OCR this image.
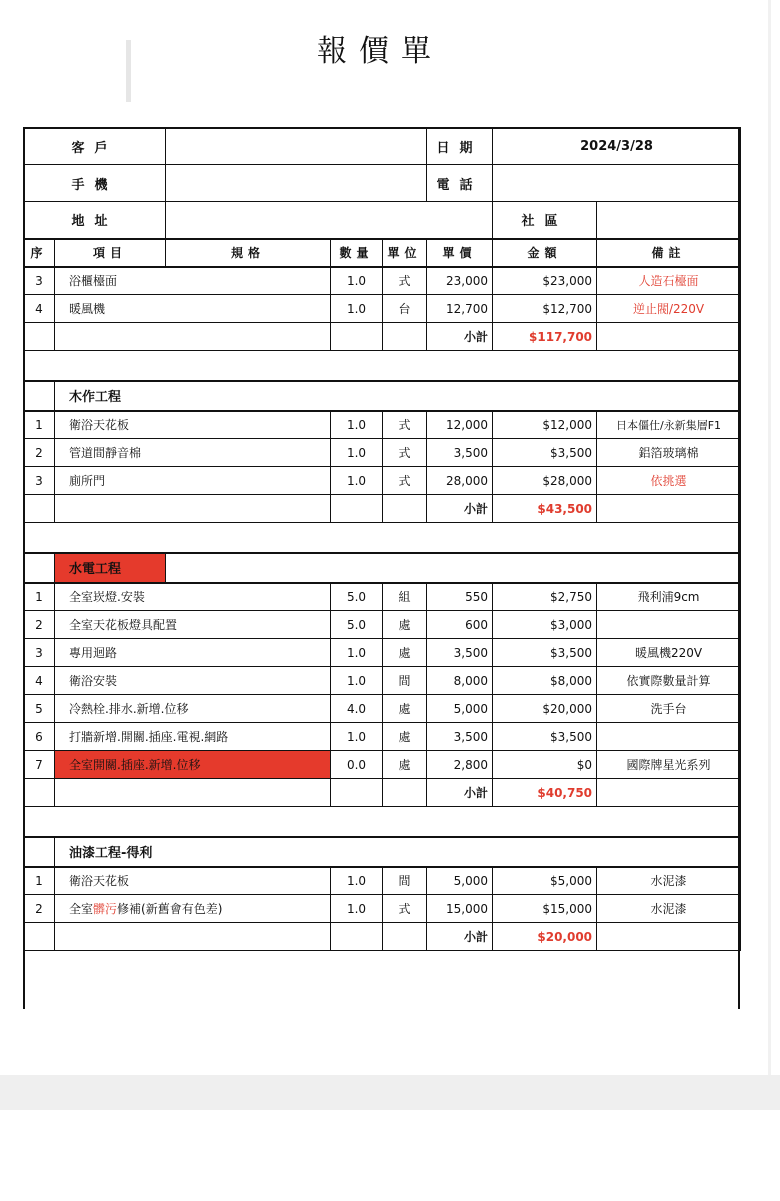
報價單
客戶					日期	2024/3/28	
手機					電話		
地址						社區	
序	項目	規格	數量	單位	單價	金額	備註
3	浴櫃檯面		1.0	式	23,000	$23,000	人造石檯面
4	暖風機		1.0	台	12,700	$12,700	逆止閥/220V
					小計	$117,700	

	木作工程						
1	衛浴天花板		1.0	式	12,000	$12,000	日本僵仕/永新集層F1
2	管道間靜音棉		1.0	式	3,500	$3,500	鋁箔玻璃棉
3	廁所門		1.0	式	28,000	$28,000	依挑選
					小計	$43,500	

	水電工程						
1	全室崁燈.安裝		5.0	組	550	$2,750	飛利浦9cm
2	全室天花板燈具配置		5.0	處	600	$3,000	
3	專用迴路		1.0	處	3,500	$3,500	暖風機220V
4	衛浴安裝		1.0	間	8,000	$8,000	依實際數量計算
5	冷熱栓.排水.新增.位移		4.0	處	5,000	$20,000	洗手台
6	打牆新增.開關.插座.電視.網路		1.0	處	3,500	$3,500	
7	全室開關.插座.新增.位移		0.0	處	2,800	$0	國際牌星光系列
					小計	$40,750	

	油漆工程-得利						
1	衛浴天花板		1.0	間	5,000	$5,000	水泥漆
2	全室髒污修補(新舊會有色差)		1.0	式	15,000	$15,000	水泥漆
					小計	$20,000	
